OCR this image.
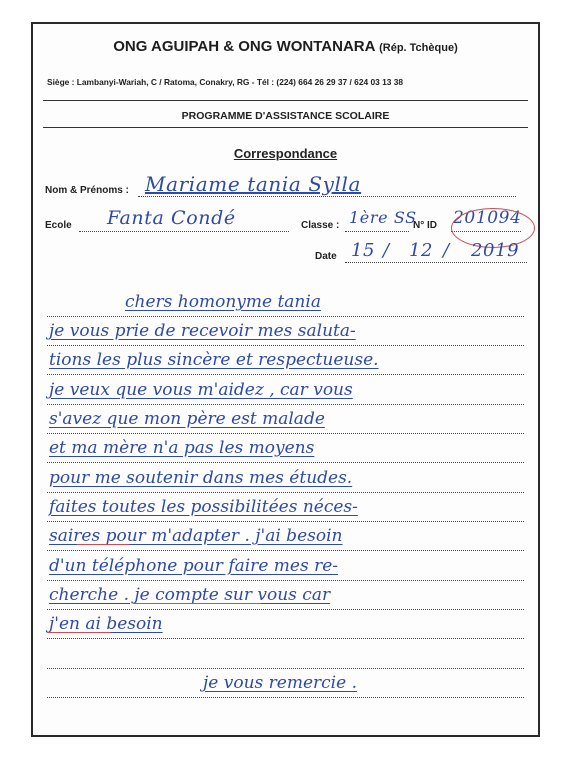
ONG AGUIPAH & ONG WONTANARA (Rép. Tchèque)
Siège : Lambanyi-Wariah, C / Ratoma, Conakry, RG - Tél : (224) 664 26 29 37 / 624 03 13 38
PROGRAMME D'ASSISTANCE SCOLAIRE
Correspondance
Nom & Prénoms : Mariame tania Sylla
Ecole Fanta Condé	Classe : 1ère SS
N° ID 201094
Date 15 / 12 / 2019
chers homonyme tania
je vous prie de recevoir mes saluta-
tions les plus sincère et respectueuse.
je veux que vous m'aidez , car vous
s'avez que mon père est malade
et ma mère n'a pas les moyens
pour me soutenir dans mes études.
faites toutes les possibilitées néces-
saires pour m'adapter . j'ai besoin
d'un téléphone pour faire mes re-
cherche . je compte sur vous car
j'en ai besoin
je vous remercie .
